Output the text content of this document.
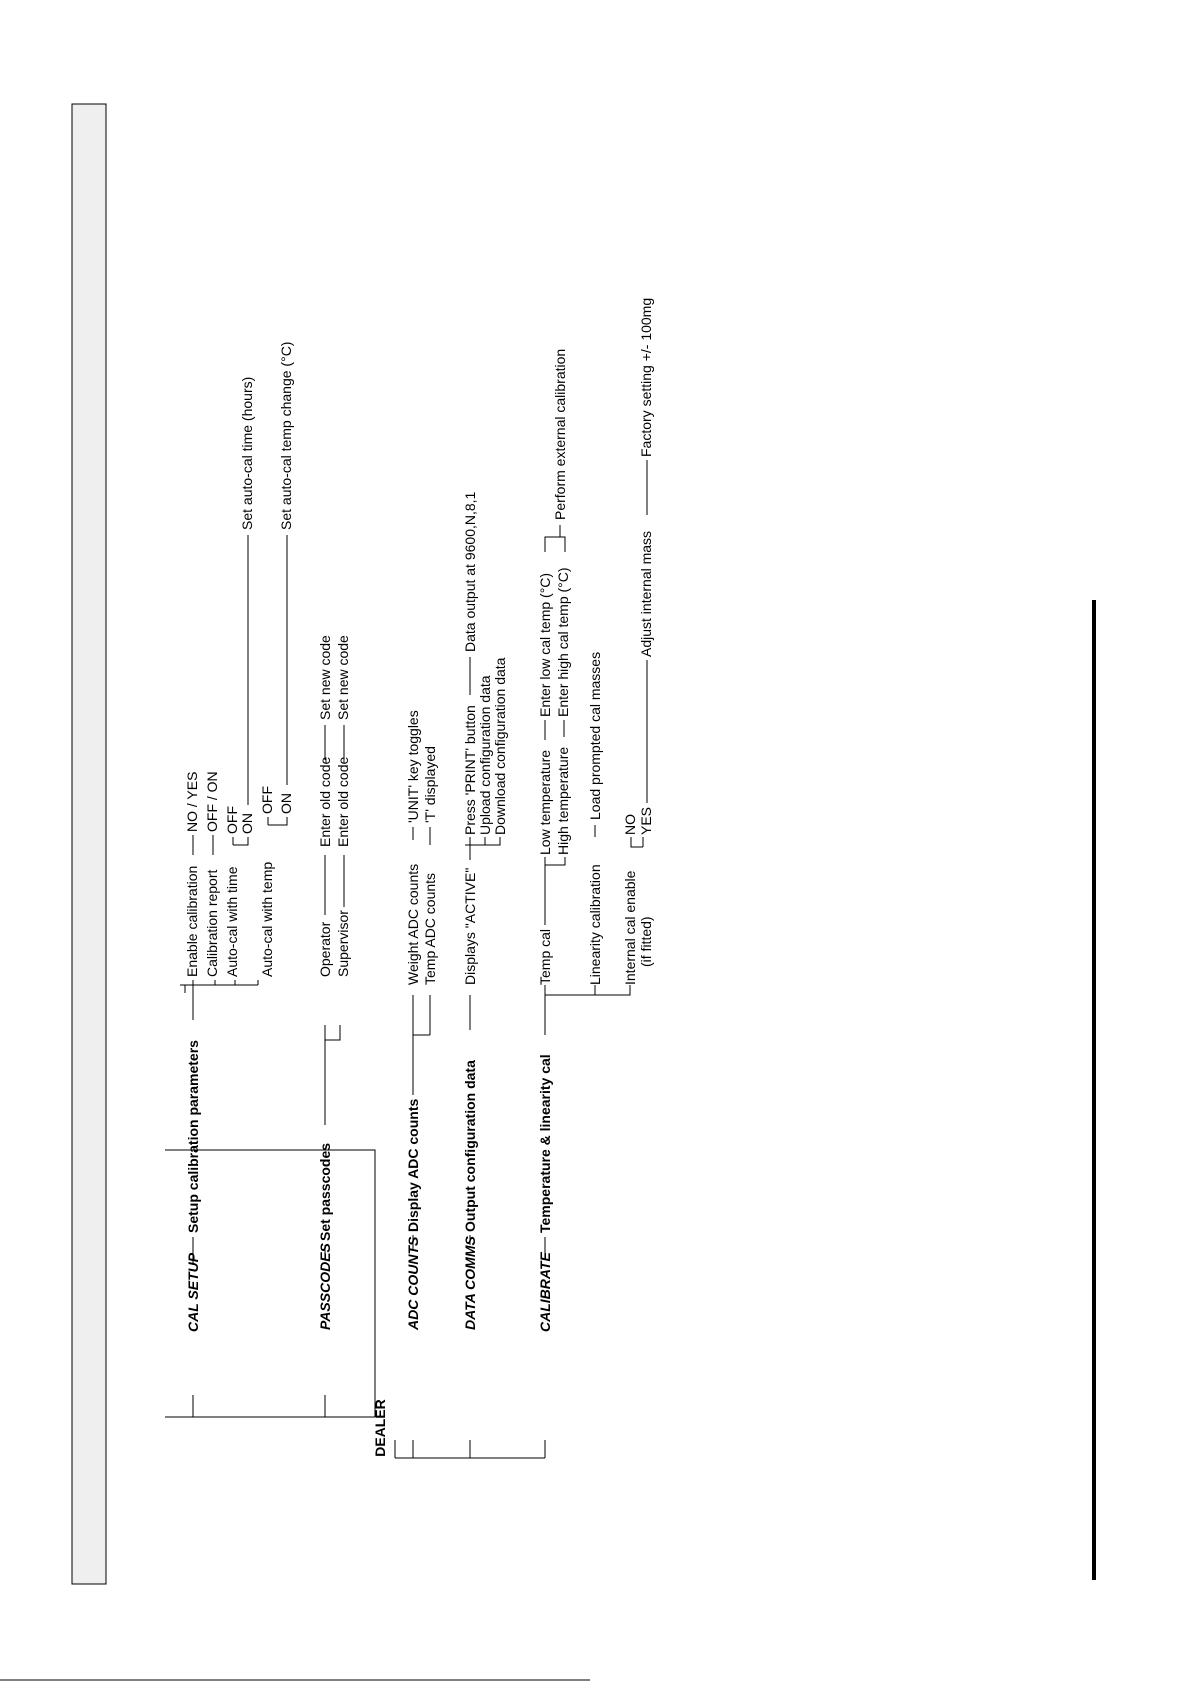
DEALER
CAL SETUP
Setup calibration parameters
Enable calibration
NO / YES
Calibration report
OFF / ON
Auto-cal with time
OFF ON
Set auto-cal time (hours)
Auto-cal with temp
OFF ON
Set auto-cal temp change (°C)
PASSCODES
Set passcodes
Operator
Enter old code
Set new code
Supervisor
Enter old code
Set new code
ADC COUNTS
Display ADC counts
Weight ADC counts
'UNIT' key toggles
Temp ADC counts
'T' displayed
DATA COMMS
Output configuration data
Displays "ACTIVE"
Press 'PRINT' button
Data output at 9600,N,8,1
Upload configuration data Download configuration data
CALIBRATE
Temperature & linearity cal
Temp cal
Low temperature
Enter low cal temp (°C)
High temperature
Enter high cal temp (°C)
Perform external calibration
Linearity calibration
Load prompted cal masses
Internal cal enable (if fitted)
NO YES
Adjust internal mass
Factory setting +/- 100mg
